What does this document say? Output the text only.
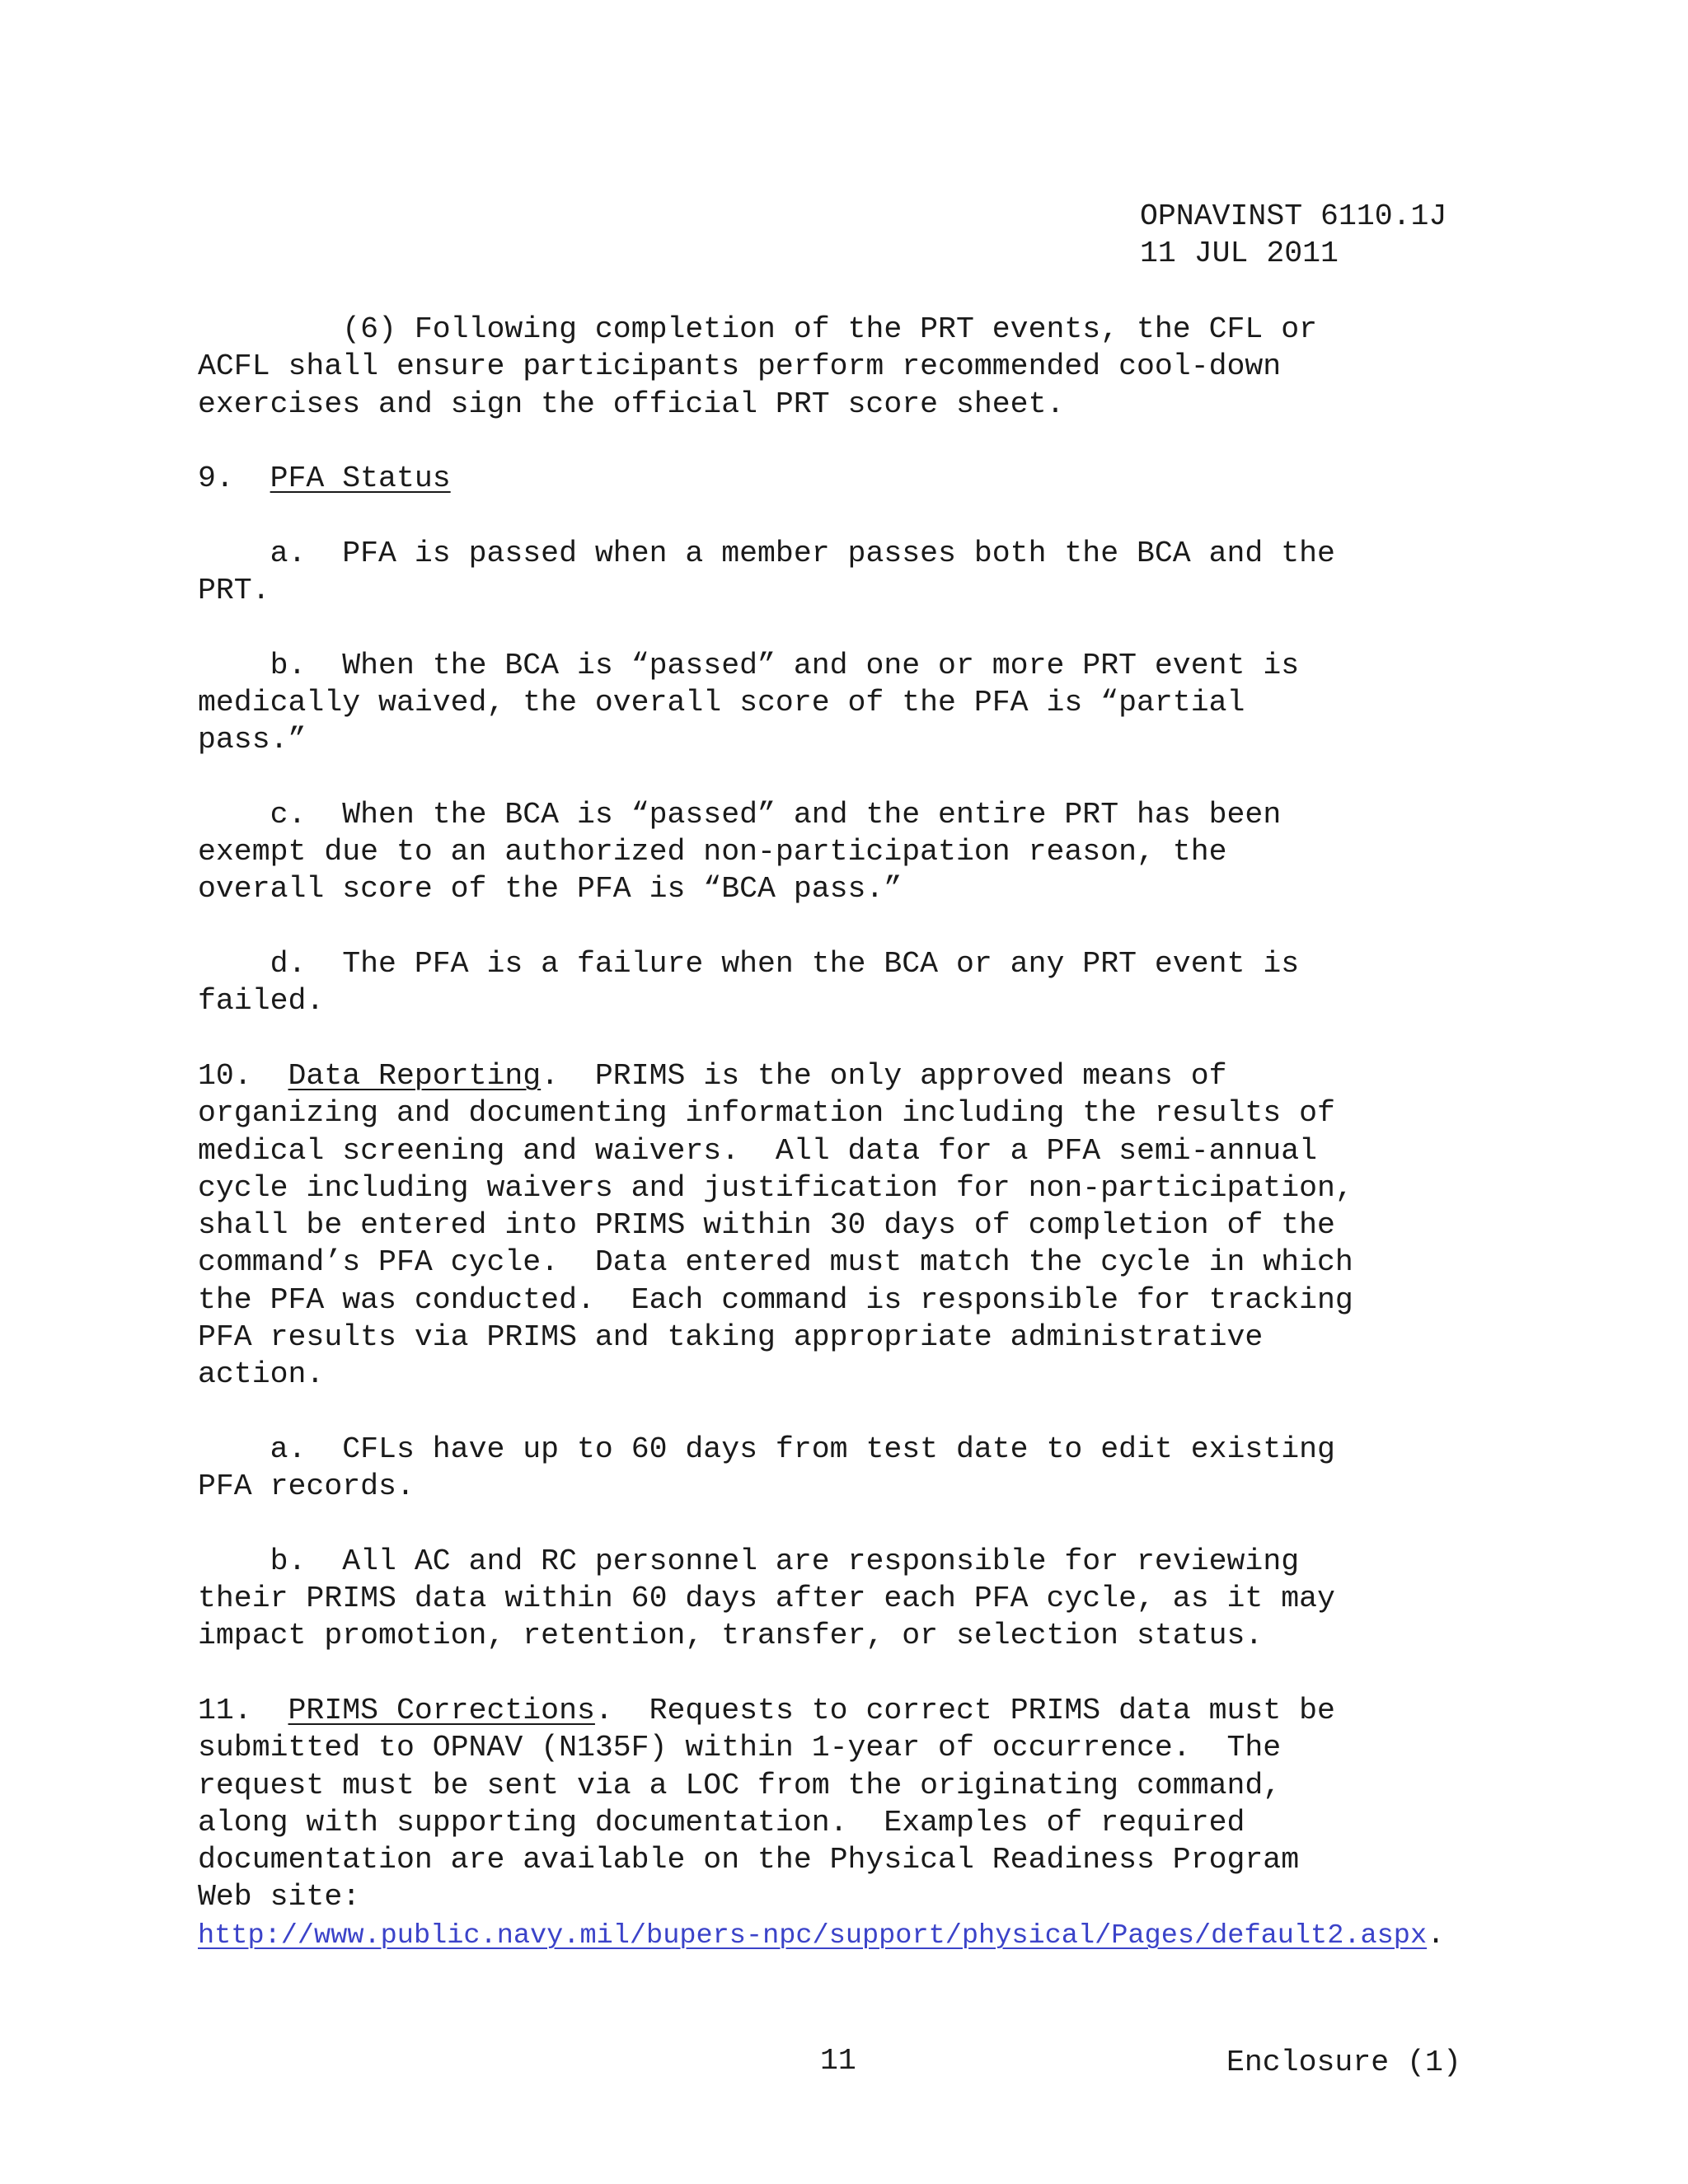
OPNAVINST 6110.1J
11 JUL 2011

(6) Following completion of the PRT events, the CFL or
ACFL shall ensure participants perform recommended cool-down
exercises and sign the official PRT score sheet.

9.  PFA Status

a.  PFA is passed when a member passes both the BCA and the
PRT.

b.  When the BCA is “passed” and one or more PRT event is
medically waived, the overall score of the PFA is “partial
pass.”

c.  When the BCA is “passed” and the entire PRT has been
exempt due to an authorized non-participation reason, the
overall score of the PFA is “BCA pass.”

d.  The PFA is a failure when the BCA or any PRT event is
failed.

10.  Data Reporting.  PRIMS is the only approved means of
organizing and documenting information including the results of
medical screening and waivers.  All data for a PFA semi-annual
cycle including waivers and justification for non-participation,
shall be entered into PRIMS within 30 days of completion of the
command’s PFA cycle.  Data entered must match the cycle in which
the PFA was conducted.  Each command is responsible for tracking
PFA results via PRIMS and taking appropriate administrative
action.

a.  CFLs have up to 60 days from test date to edit existing
PFA records.

b.  All AC and RC personnel are responsible for reviewing
their PRIMS data within 60 days after each PFA cycle, as it may
impact promotion, retention, transfer, or selection status.

11.  PRIMS Corrections.  Requests to correct PRIMS data must be
submitted to OPNAV (N135F) within 1-year of occurrence.  The
request must be sent via a LOC from the originating command,
along with supporting documentation.  Examples of required
documentation are available on the Physical Readiness Program
Web site:
http://www.public.navy.mil/bupers-npc/support/physical/Pages/default2.aspx.

11	Enclosure (1)
